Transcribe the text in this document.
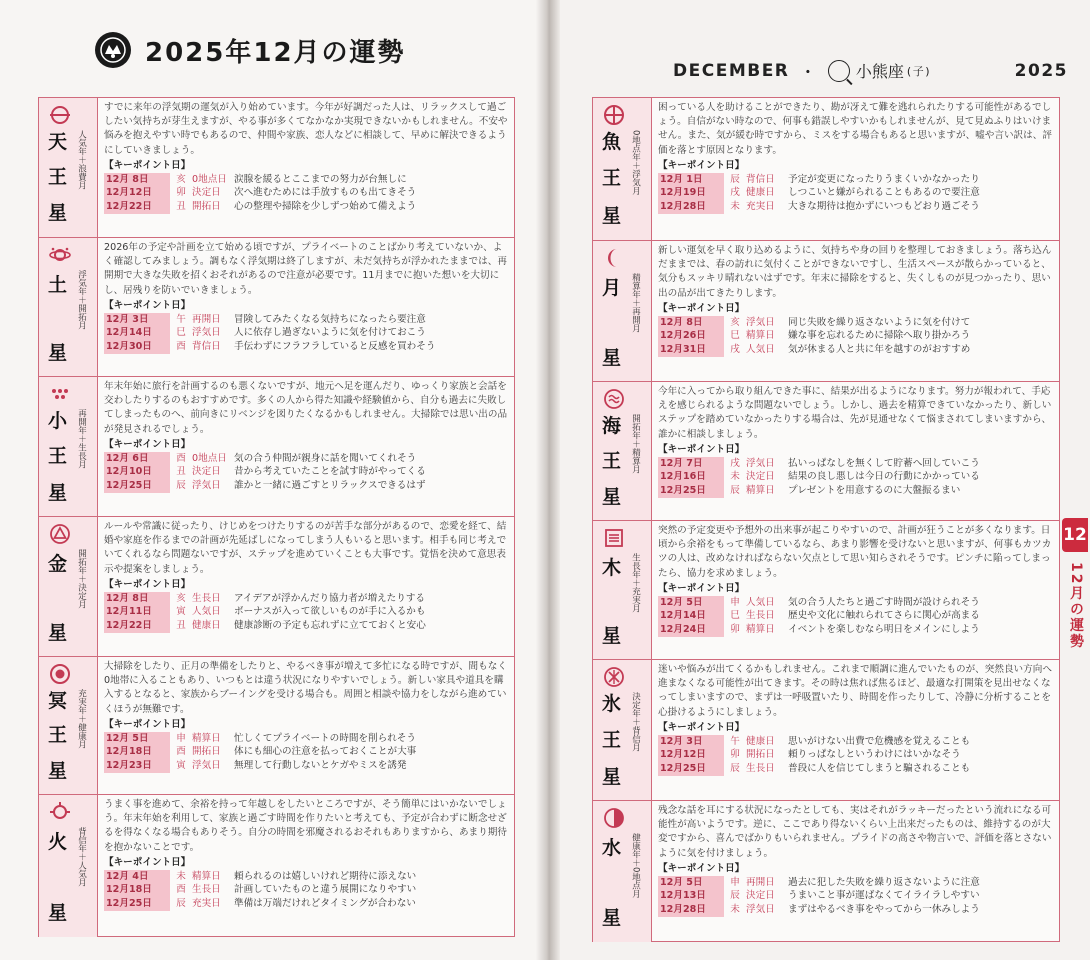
2025年12月の運勢
DECEMBER ・ 小熊座 (子)	2025
天
王
星
人気年＋浪費月

すでに来年の浮気期の運気が入り始めています。今年が好調だった人は、リラックスして過ごしたい気持ちが芽生えますが、やる事が多くてなかなか実現できないかもしれません。不安や悩みを抱えやすい時でもあるので、仲間や家族、恋人などに相談して、早めに解決できるようにしていきましょう。

【キーポイント日】
12月 8日	亥 0地点日 涙腺を緩るとここまでの努力が台無しに
12月12日	卯 決定日	次へ進むためには手放すものも出てきそう
12月22日	丑 開拓日	心の整理や掃除を少しずつ始めて備えよう
土
星
浮気年＋開拓月

2026年の予定や計画を立て始める頃ですが、プライベートのことばかり考えていないか、よく確認してみましょう。調もなく浮気期は終了しますが、未だ気持ちが浮かれたままでは、再開期で大きな失敗を招くおそれがあるので注意が必要です。11月までに抱いた想いを大切にし、居残りを防いでいきましょう。

【キーポイント日】
12月 3日	午 再開日	冒険してみたくなる気持ちになったら要注意
12月14日	巳 浮気日	人に依存し過ぎないように気を付けておこう
12月30日	酉 背信日	手伝わずにフラフラしていると反感を買わそう
小
王
星
再開年＋生長月

年末年始に旅行を計画するのも悪くないですが、地元へ足を運んだり、ゆっくり家族と会話を交わしたりするのもおすすめです。多くの人から得た知識や経験値から、自分も過去に失敗してしまったものへ、前向きにリベンジを図りたくなるかもしれません。大掃除では思い出の品が発見されるでしょう。

【キーポイント日】
12月 6日	酉 0地点日 気の合う仲間が親身に話を聞いてくれそう
12月10日	丑 決定日	昔から考えていたことを試す時がやってくる
12月25日	辰 浮気日	誰かと一緒に過ごすとリラックスできるはず
金
星
開拓年＋決定月

ルールや常識に従ったり、けじめをつけたりするのが苦手な部分があるので、恋愛を経て、結婚や家庭を作るまでの計画が先延ばしになってしまう人もいると思います。相手も同じ考えでいてくれるなら問題ないですが、ステップを進めていくことも大事です。覚悟を決めて意思表示や提案をしましょう。

【キーポイント日】
12月 8日	亥 生長日	アイデアが浮かんだり協力者が増えたりする
12月11日	寅 人気日	ボーナスが入って欲しいものが手に入るかも
12月22日	丑 健康日	健康診断の予定も忘れずに立てておくと安心
冥
王
星
充実年＋健康月

大掃除をしたり、正月の準備をしたりと、やるべき事が増えて多忙になる時ですが、間もなく0地帯に入ることもあり、いつもとは違う状況になりやすいでしょう。新しい家具や道具を購入するとなると、家族からブーイングを受ける場合も。周囲と相談や協力をしながら進めていくほうが無難です。

【キーポイント日】
12月 5日	申 精算日	忙しくてプライベートの時間を削られそう
12月18日	酉 開拓日	体にも細心の注意を払っておくことが大事
12月23日	寅 浮気日	無理して行動しないとケガやミスを誘発
火
星
背信年＋人気月

うまく事を進めて、余裕を持って年越しをしたいところですが、そう簡単にはいかないでしょう。年末年始を利用して、家族と過ごす時間を作りたいと考えても、予定が合わずに断念せざるを得なくなる場合もありそう。自分の時間を邪魔されるおそれもありますから、あまり期待を抱かないことです。

【キーポイント日】
12月 4日	未 精算日	頼られるのは嬉しいけれど期待に添えない
12月18日	酉 生長日	計画していたものと違う展開になりやすい
12月25日	辰 充実日	準備は万端だけれどタイミングが合わない
魚
王
星
0地点年＋浮気月

困っている人を助けることができたり、勘が冴えて難を逃れられたりする可能性があるでしょう。自信がない時なので、何事も錯誤しやすいかもしれませんが、見て見ぬふりはいけません。また、気が緩む時ですから、ミスをする場合もあると思いますが、嘘や言い訳は、評価を落とす原因となります。

【キーポイント日】
12月 1日	辰 背信日	予定が変更になったりうまくいかなかったり
12月19日	戌 健康日	しつこいと嫌がられることもあるので要注意
12月28日	未 充実日	大きな期待は抱かずにいつもどおり過ごそう
月
星
精算年＋再開月

新しい運気を早く取り込めるように、気持ちや身の回りを整理しておきましょう。落ち込んだままでは、春の訪れに気付くことができないですし、生活スペースが散らかっていると、気分もスッキリ晴れないはずです。年末に掃除をすると、失くしものが見つかったり、思い出の品が出てきたりします。

【キーポイント日】
12月 8日	亥 浮気日	同じ失敗を繰り返さないように気を付けて
12月26日	巳 精算日	嫌な事を忘れるために掃除へ取り掛かろう
12月31日	戌 人気日	気が休まる人と共に年を越すのがおすすめ
海
王
星
開拓年＋精算月

今年に入ってから取り組んできた事に、結果が出るようになります。努力が報われて、手応えを感じられるような問題ないでしょう。しかし、過去を精算できていなかったり、新しいステップを踏めていなかったりする場合は、先が見通せなくて悩まされてしまいますから、誰かに相談しましょう。

【キーポイント日】
12月 7日	戌 浮気日	払いっぱなしを無くして貯蓄へ回していこう
12月16日	未 決定日	結果の良し悪しは今日の行動にかかっている
12月25日	辰 精算日	プレゼントを用意するのに大盤振るまい
木
星
生長年＋充実月

突然の予定変更や予想外の出来事が起こりやすいので、計画が狂うことが多くなります。日頃から余裕をもって準備しているなら、あまり影響を受けないと思いますが、何事もカツカツの人は、改めなければならない欠点として思い知らされそうです。ピンチに陥ってしまったら、協力を求めましょう。

【キーポイント日】
12月 5日	申 人気日	気の合う人たちと過ごす時間が設けられそう
12月14日	巳 生長日	歴史や文化に触れられてさらに関心が高まる
12月24日	卯 精算日	イベントを楽しむなら明日をメインにしよう
氷
王
星
決定年＋背信月

迷いや悩みが出てくるかもしれません。これまで順調に進んでいたものが、突然良い方向へ進まなくなる可能性が出てきます。その時は焦れば焦るほど、最適な打開策を見出せなくなってしまいますので、まずは一呼吸置いたり、時間を作ったりして、冷静に分析することを心掛けるようにしましょう。

【キーポイント日】
12月 3日	午 健康日	思いがけない出費で危機感を覚えることも
12月12日	卯 開拓日	頼りっぱなしというわけにはいかなそう
12月25日	辰 生長日	普段に人を信じてしまうと騙されることも
水
星
健康年＋0地点月

残念な話を耳にする状況になったとしても、実はそれがラッキーだったという流れになる可能性が高いようです。逆に、ここであり得ないくらい上出来だったものは、維持するのが大変ですから、喜んでばかりもいられません。プライドの高さや物言いで、評価を落とさないように気を付けましょう。

【キーポイント日】
12月 5日	申 再開日	過去に犯した失敗を繰り返さないように注意
12月13日	辰 決定日	うまいこと事が運ばなくてイライラしやすい
12月28日	未 浮気日	まずはやるべき事をやってから一休みしよう
12
12月の運勢
